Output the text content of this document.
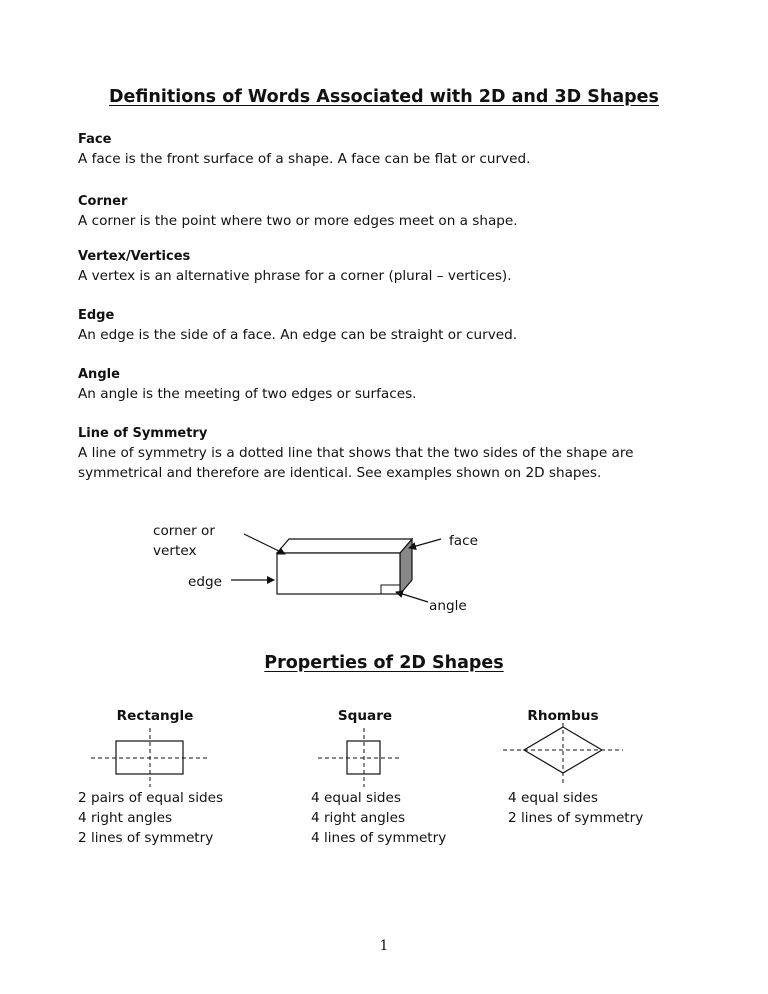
Definitions of Words Associated with 2D and 3D Shapes
Face
A face is the front surface of a shape. A face can be flat or curved.
Corner
A corner is the point where two or more edges meet on a shape.
Vertex/Vertices
A vertex is an alternative phrase for a corner (plural – vertices).
Edge
An edge is the side of a face. An edge can be straight or curved.
Angle
An angle is the meeting of two edges or surfaces.
Line of Symmetry
A line of symmetry is a dotted line that shows that the two sides of the shape are symmetrical and therefore are identical. See examples shown on 2D shapes.
corner or
vertex
face
edge
angle
Properties of 2D Shapes
Rectangle	Square	Rhombus
2 pairs of equal sides
4 right angles
2 lines of symmetry
4 equal sides
4 right angles
4 lines of symmetry
4 equal sides
2 lines of symmetry
1
